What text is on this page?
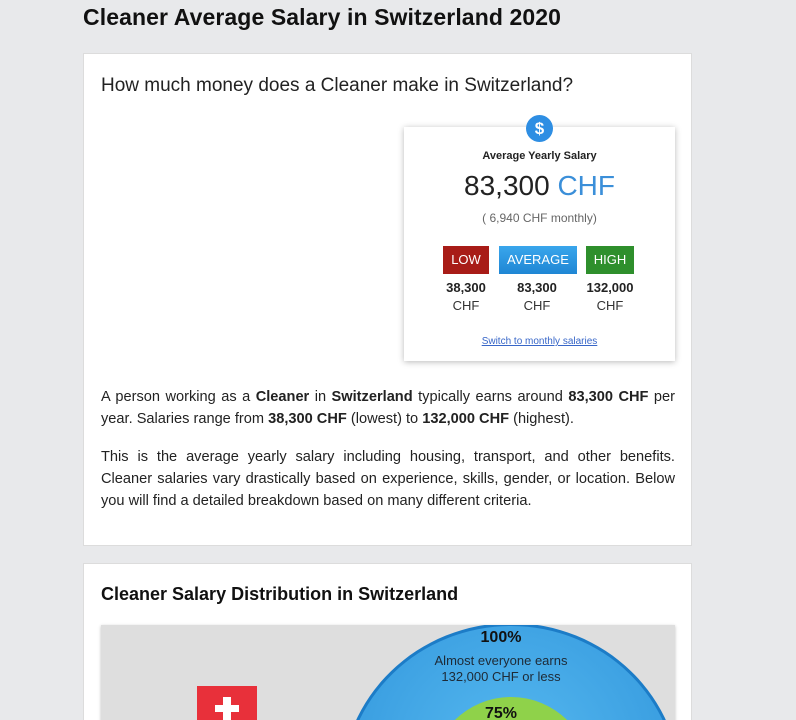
Cleaner Average Salary in Switzerland 2020
How much money does a Cleaner make in Switzerland?
$
Average Yearly Salary
83,300 CHF
( 6,940 CHF monthly)
LOW
38,300
CHF
AVERAGE
83,300
CHF
HIGH
132,000
CHF
Switch to monthly salaries

A person working as a Cleaner in Switzerland typically earns around 83,300 CHF per year. Salaries range from 38,300 CHF (lowest) to 132,000 CHF (highest).

This is the average yearly salary including housing, transport, and other benefits. Cleaner salaries vary drastically based on experience, skills, gender, or location. Below you will find a detailed breakdown based on many different criteria.

Cleaner Salary Distribution in Switzerland
100%
Almost everyone earns
132,000 CHF or less
75%
